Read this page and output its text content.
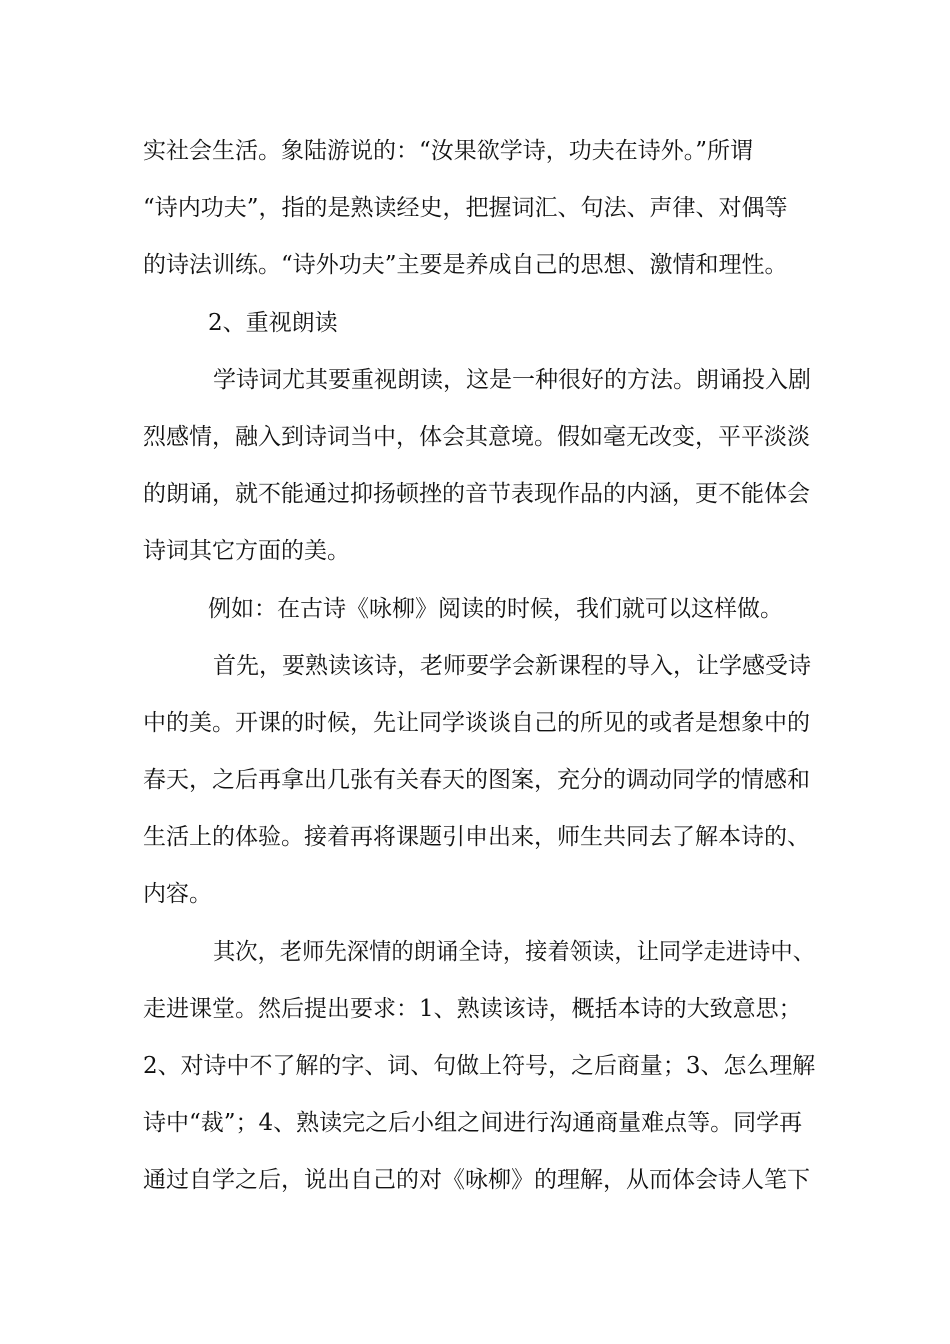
实社会生活。象陆游说的：“汝果欲学诗，功夫在诗外。”所谓
“诗内功夫”，指的是熟读经史，把握词汇、句法、声律、对偶等
的诗法训练。“诗外功夫”主要是养成自己的思想、激情和理性。
2、重视朗读
学诗词尤其要重视朗读，这是一种很好的方法。朗诵投入剧
烈感情，融入到诗词当中，体会其意境。假如毫无改变，平平淡淡
的朗诵，就不能通过抑扬顿挫的音节表现作品的内涵，更不能体会
诗词其它方面的美。
例如：在古诗《咏柳》阅读的时候，我们就可以这样做。
首先，要熟读该诗，老师要学会新课程的导入，让学感受诗
中的美。开课的时候，先让同学谈谈自己的所见的或者是想象中的
春天，之后再拿出几张有关春天的图案，充分的调动同学的情感和
生活上的体验。接着再将课题引申出来，师生共同去了解本诗的、
内容。
其次，老师先深情的朗诵全诗，接着领读，让同学走进诗中、
走进课堂。然后提出要求：1、熟读该诗，概括本诗的大致意思；
2、对诗中不了解的字、词、句做上符号，之后商量；3、怎么理解
诗中“裁”；4、熟读完之后小组之间进行沟通商量难点等。同学再
通过自学之后，说出自己的对《咏柳》的理解，从而体会诗人笔下
